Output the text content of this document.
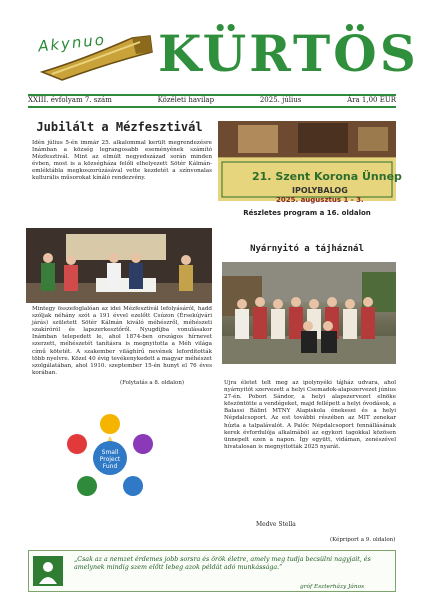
Akynuo KÜRTÖS
XXIII. évfolyam 7. szám	Közéleti havilap	2025. július	Ára 1,00 EUR
Jubilált a Mézfesztivál
Idén július 5-én immár 25. alkalommal került megrendezésre Inámban a község legrangosabb eseményének számító Mézfesztivál. Mint az elmúlt negyedszázad során minden évben, most is a községháza felőli elhelyezett Sötér Kálmán-emléktábla megkoszorúzásával vette kezdetét a színvonalas kulturális műsorokat kínáló rendezvény.
Mintegy összefoglalóan az idei Mézfesztivál lefolyásáról, hadd szóljak néhány szót a 191 évvel ezelőtt Csúzon (Érsekújvári járás) született Sötér Kálmán kiváló méhészről, méhészeti szakíróról és lapszerkesztőről. Nyugdíjba vonulásakor Inámban telepedett le, ahol 1874-ben országos hírnevet szerzett, méhészetét tanításra is megnyitotta a Méh világa című kötetét. A szakember világhírű nevének lefordították több nyelvre. Közel 40 évig tevékenykedett a magyar méhészet szolgálatában, ahol 1910. szeptember 15-én hunyt el 76 éves korában.
(Folytatás a 8. oldalon)
Small
Project
Fund
21. Szent Korona Ünnep
IPOLYBALOG
2025. augusztus 1 - 3.
Részletes program a 16. oldalon
Nyárnyitó a tájháznál
Ujra életet telt meg az ipolynyéki tájház udvara, ahol nyárnyitót szervezett a helyi Csemadok-alapszervezet június 27-én. Pobori Sándor, a helyi alapszervezet elnöke köszöntötte a vendégeket, majd fellépett a helyi óvodások, a Balassi Bálint MTNY Alapiskola énekesei és a helyi Népdalcsoport. Az est további részében az MIT zenekar húzta a talpalávalót. A Palóc Népdalcsoport fennállásának kerek évfordulója alkalmából az egykori tagokkal közösen ünnepelt ezen a napon. Így együtt, vidáman, zenészével hivatalosan is megnyitották 2025 nyarát.
Medve Stella
(Képriport a 9. oldalon)
„Csak az a nemzet érdemes jobb sorsra és örök életre, amely meg tudja becsülni nagyjait, és amelynek mindig szem előtt lebeg azok példát adó munkássága.”
gróf Eszterházy János
